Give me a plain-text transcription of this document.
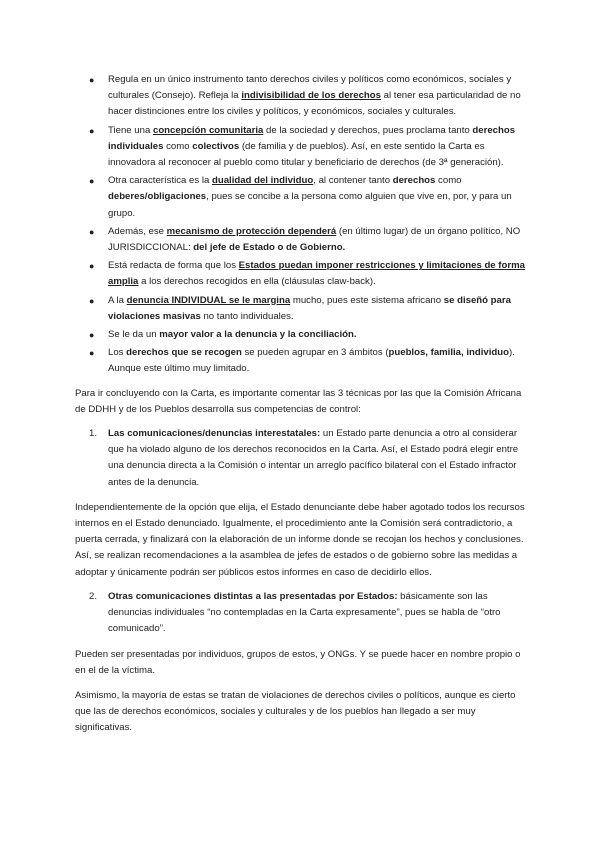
● Regula en un único instrumento tanto derechos civiles y políticos como económicos, sociales y culturales (Consejo). Refleja la indivisibilidad de los derechos al tener esa particularidad de no hacer distinciones entre los civiles y políticos, y económicos, sociales y culturales.
● Tiene una concepción comunitaria de la sociedad y derechos, pues proclama tanto derechos individuales como colectivos (de familia y de pueblos). Así, en este sentido la Carta es innovadora al reconocer al pueblo como titular y beneficiario de derechos (de 3ª generación).
● Otra característica es la dualidad del individuo, al contener tanto derechos como deberes/obligaciones, pues se concibe a la persona como alguien que vive en, por, y para un grupo.
● Además, ese mecanismo de protección dependerá (en último lugar) de un órgano político, NO JURISDICCIONAL: del jefe de Estado o de Gobierno.
● Está redacta de forma que los Estados puedan imponer restricciones y limitaciones de forma amplia a los derechos recogidos en ella (cláusulas claw-back).
● A la denuncia INDIVIDUAL se le margina mucho, pues este sistema africano se diseñó para violaciones masivas no tanto individuales.
● Se le da un mayor valor a la denuncia y la conciliación.
● Los derechos que se recogen se pueden agrupar en 3 ámbitos (pueblos, familia, individuo). Aunque este último muy limitado.

Para ir concluyendo con la Carta, es importante comentar las 3 técnicas por las que la Comisión Africana de DDHH y de los Pueblos desarrolla sus competencias de control:

1. Las comunicaciones/denuncias interestatales: un Estado parte denuncia a otro al considerar que ha violado alguno de los derechos reconocidos en la Carta. Así, el Estado podrá elegir entre una denuncia directa a la Comisión o intentar un arreglo pacífico bilateral con el Estado infractor antes de la denuncia.

Independientemente de la opción que elija, el Estado denunciante debe haber agotado todos los recursos internos en el Estado denunciado. Igualmente, el procedimiento ante la Comisión será contradictorio, a puerta cerrada, y finalizará con la elaboración de un informe donde se recojan los hechos y conclusiones. Así, se realizan recomendaciones a la asamblea de jefes de estados o de gobierno sobre las medidas a adoptar y únicamente podrán ser públicos estos informes en caso de decidirlo ellos.

2. Otras comunicaciones distintas a las presentadas por Estados: básicamente son las denuncias individuales “no contempladas en la Carta expresamente”, pues se habla de “otro comunicado”.

Pueden ser presentadas por individuos, grupos de estos, y ONGs. Y se puede hacer en nombre propio o en el de la víctima.

Asimismo, la mayoría de estas se tratan de violaciones de derechos civiles o políticos, aunque es cierto que las de derechos económicos, sociales y culturales y de los pueblos han llegado a ser muy significativas.
